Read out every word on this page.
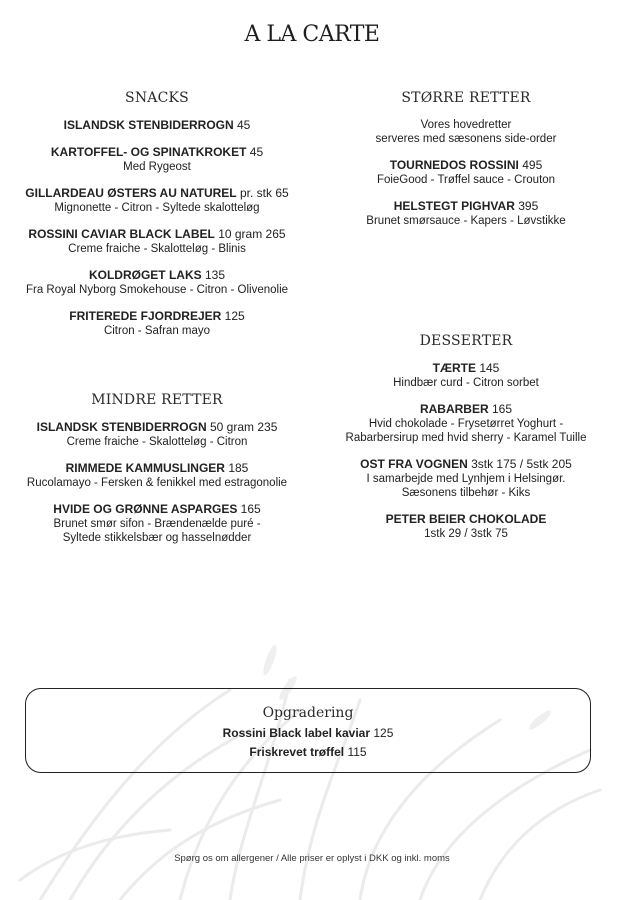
A LA CARTE
SNACKS
ISLANDSK STENBIDERROGN 45
KARTOFFEL- OG SPINATKROKET 45
Med Rygeost
GILLARDEAU ØSTERS AU NATUREL pr. stk 65
Mignonette - Citron - Syltede skalotteløg
ROSSINI CAVIAR BLACK LABEL 10 gram 265
Creme fraiche - Skalotteløg - Blinis
KOLDRØGET LAKS 135
Fra Royal Nyborg Smokehouse - Citron - Olivenolie
FRITEREDE FJORDREJER 125
Citron - Safran mayo
MINDRE RETTER
ISLANDSK STENBIDERROGN 50 gram 235
Creme fraiche - Skalotteløg - Citron
RIMMEDE KAMMUSLINGER 185
Rucolamayo - Fersken & fenikkel med estragonolie
HVIDE OG GRØNNE ASPARGES 165
Brunet smør sifon - Brændenælde puré -
Syltede stikkelsbær og hasselnødder
STØRRE RETTER
Vores hovedretter
serveres med sæsonens side-order
TOURNEDOS ROSSINI 495
FoieGood - Trøffel sauce - Crouton
HELSTEGT PIGHVAR 395
Brunet smørsauce - Kapers - Løvstikke
DESSERTER
TÆRTE 145
Hindbær curd - Citron sorbet
RABARBER 165
Hvid chokolade - Frysetørret Yoghurt -
Rabarbersirup med hvid sherry - Karamel Tuille
OST FRA VOGNEN 3stk 175 / 5stk 205
I samarbejde med Lynhjem i Helsingør.
Sæsonens tilbehør - Kiks
PETER BEIER CHOKOLADE
1stk 29 / 3stk 75
Opgradering
Rossini Black label kaviar 125
Friskrevet trøffel 115
Spørg os om allergener / Alle priser er oplyst i DKK og inkl. moms
